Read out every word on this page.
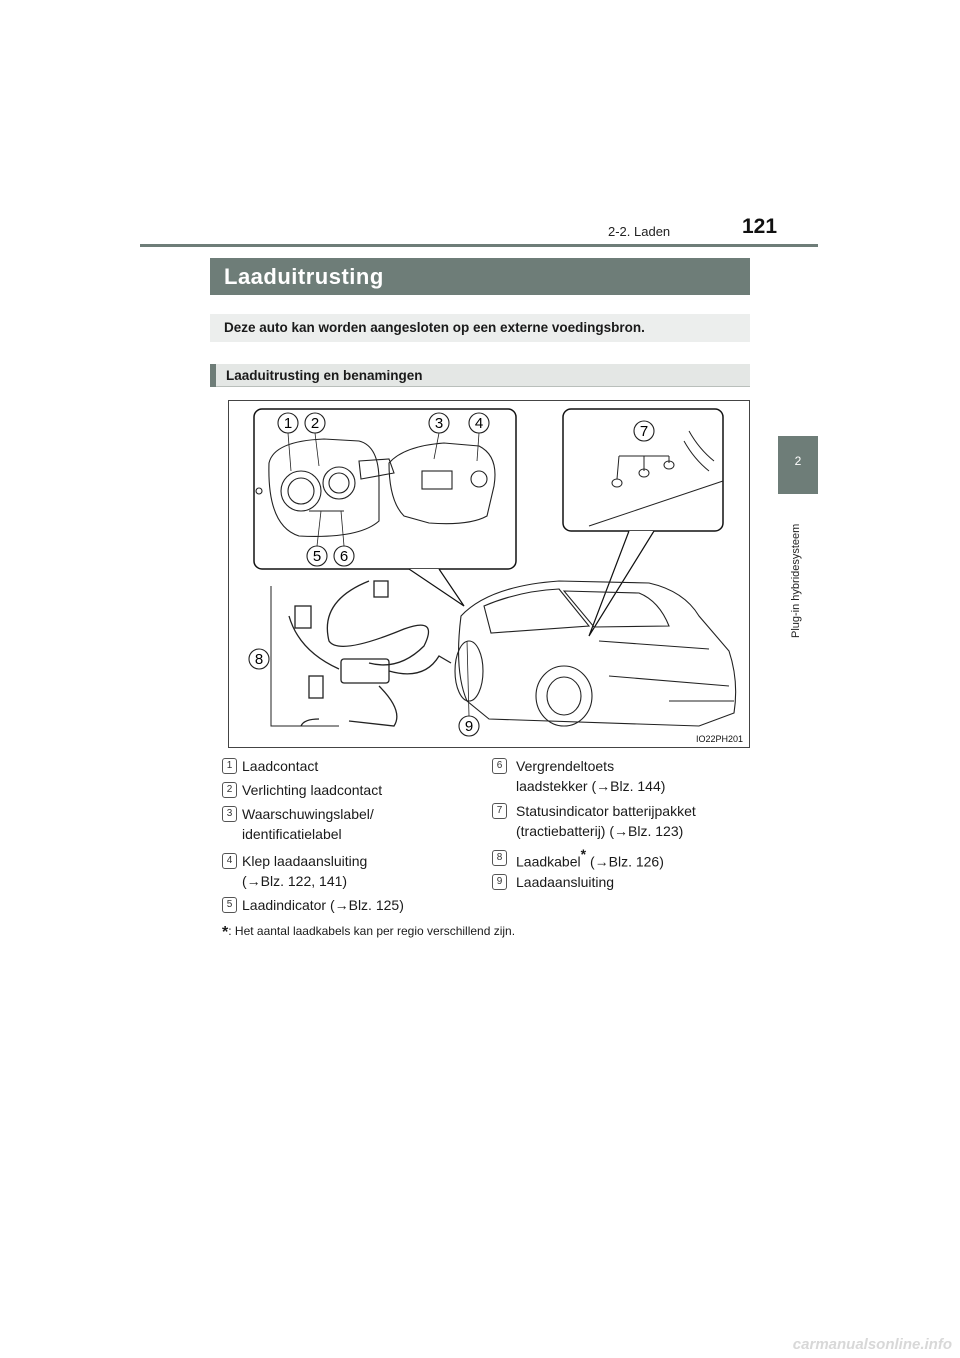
2-2. Laden	121
2
Plug-in hybridesysteem
Laaduitrusting
Deze auto kan worden aangesloten op een externe voedingsbron.
Laaduitrusting en benamingen
1 2	3 4
5 6
7
8
9
IO22PH201
1 Laadcontact
2 Verlichting laadcontact
3 Waarschuwingslabel/
identificatielabel
4 Klep laadaansluiting
(→Blz. 122, 141)
5 Laadindicator (→Blz. 125)
6 Vergrendeltoets
laadstekker (→Blz. 144)
7 Statusindicator batterijpakket
(tractiebatterij) (→Blz. 123)
8 Laadkabel* (→Blz. 126)
9 Laadaansluiting
*: Het aantal laadkabels kan per regio verschillend zijn.
carmanualsonline.info
